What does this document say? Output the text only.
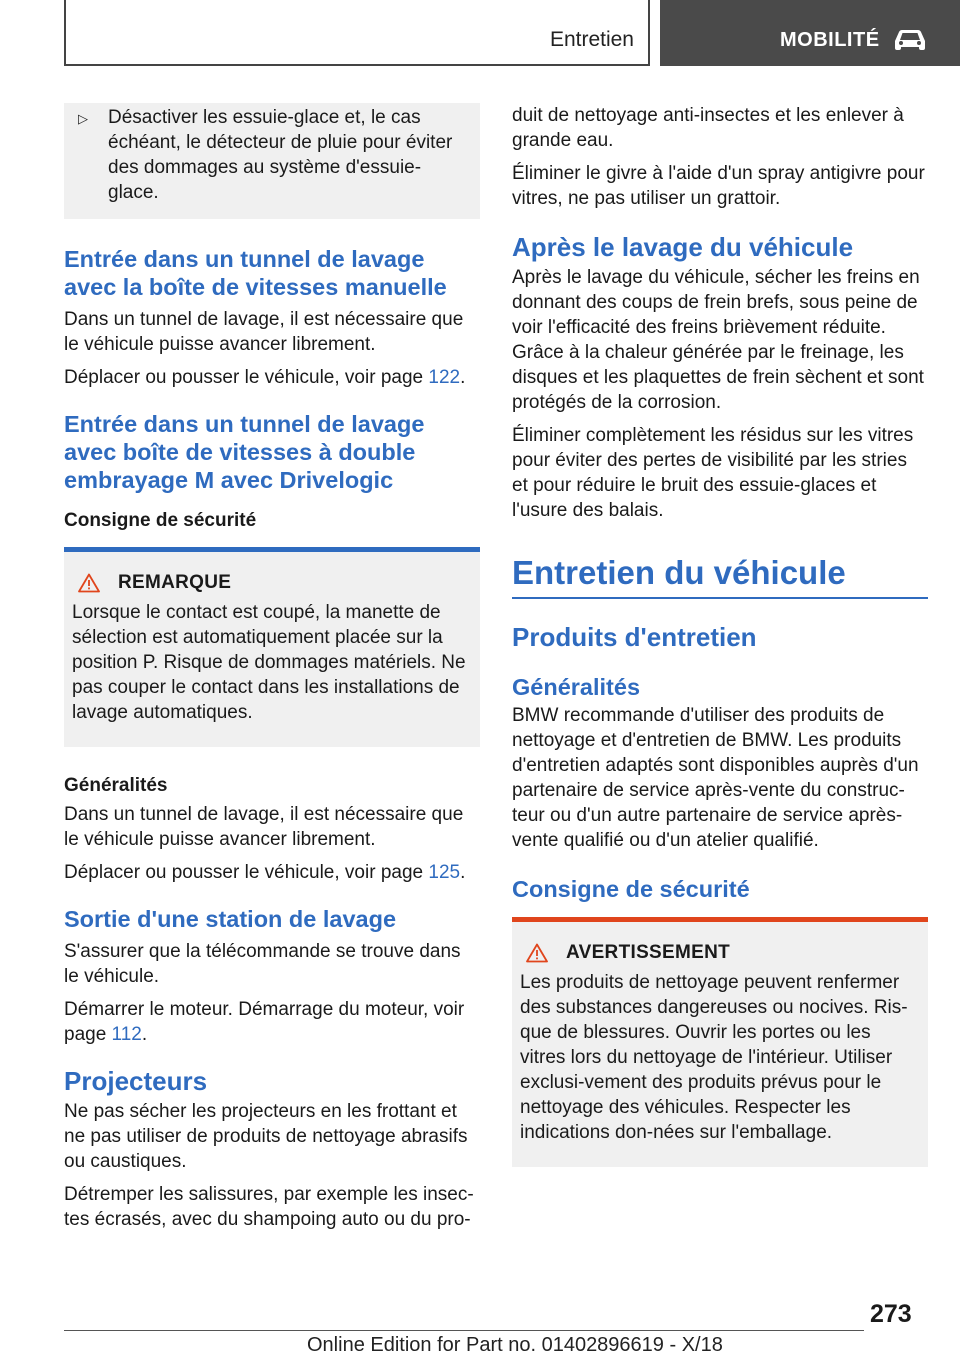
Entretien	MOBILITÉ
▷	Désactiver les essuie-glace et, le cas échéant, le détecteur de pluie pour éviter des dommages au système d'essuie-glace.
Entrée dans un tunnel de lavage avec la boîte de vitesses manuelle

Dans un tunnel de lavage, il est nécessaire que le véhicule puisse avancer librement.

Déplacer ou pousser le véhicule, voir page 122.

Entrée dans un tunnel de lavage avec boîte de vitesses à double embrayage M avec Drivelogic
Consigne de sécurité
REMARQUE
Lorsque le contact est coupé, la manette de sélection est automatiquement placée sur la position P. Risque de dommages matériels. Ne pas couper le contact dans les installations de lavage automatiques.
Généralités

Dans un tunnel de lavage, il est nécessaire que le véhicule puisse avancer librement.

Déplacer ou pousser le véhicule, voir page 125.

Sortie d'une station de lavage

S'assurer que la télécommande se trouve dans le véhicule.

Démarrer le moteur. Démarrage du moteur, voir page 112.

Projecteurs

Ne pas sécher les projecteurs en les frottant et ne pas utiliser de produits de nettoyage abrasifs ou caustiques.

Détremper les salissures, par exemple les insec-tes écrasés, avec du shampoing auto ou du pro-

duit de nettoyage anti-insectes et les enlever à grande eau.

Éliminer le givre à l'aide d'un spray antigivre pour vitres, ne pas utiliser un grattoir.

Après le lavage du véhicule

Après le lavage du véhicule, sécher les freins en donnant des coups de frein brefs, sous peine de voir l'efficacité des freins brièvement réduite. Grâce à la chaleur générée par le freinage, les disques et les plaquettes de frein sèchent et sont protégés de la corrosion.

Éliminer complètement les résidus sur les vitres pour éviter des pertes de visibilité par les stries et pour réduire le bruit des essuie-glaces et l'usure des balais.

Entretien du véhicule
Produits d'entretien
Généralités

BMW recommande d'utiliser des produits de nettoyage et d'entretien de BMW. Les produits d'entretien adaptés sont disponibles auprès d'un partenaire de service après-vente du construc-teur ou d'un autre partenaire de service après-vente qualifié ou d'un atelier qualifié.

Consigne de sécurité
AVERTISSEMENT
Les produits de nettoyage peuvent renfermer des substances dangereuses ou nocives. Ris-que de blessures. Ouvrir les portes ou les vitres lors du nettoyage de l'intérieur. Utiliser exclusi-vement des produits prévus pour le nettoyage des véhicules. Respecter les indications don-nées sur l'emballage.
273
Online Edition for Part no. 01402896619 - X/18
